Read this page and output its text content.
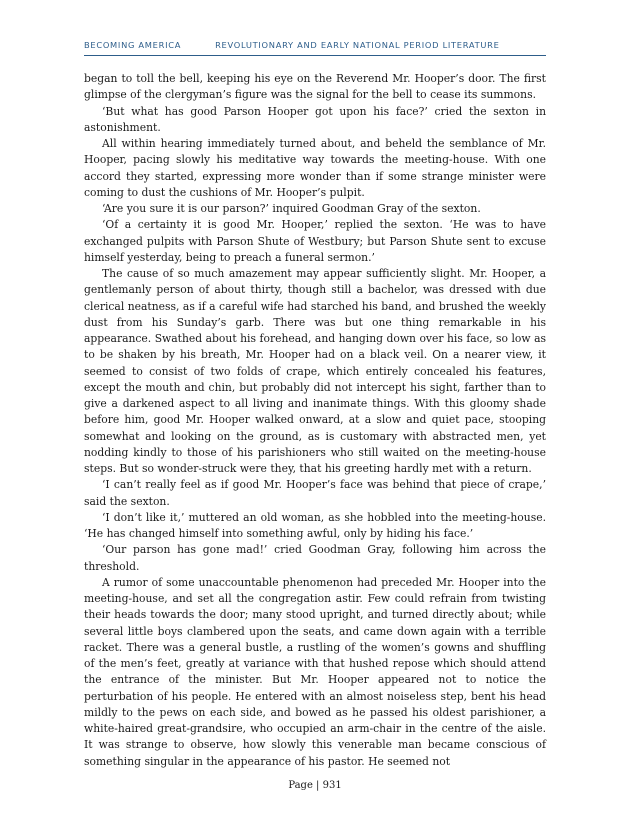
BECOMING AMERICA	REVOLUTIONARY AND EARLY NATIONAL PERIOD LITERATURE

began to toll the bell, keeping his eye on the Reverend Mr. Hooper’s door. The first glimpse of the clergyman’s figure was the signal for the bell to cease its summons.

‘But what has good Parson Hooper got upon his face?’ cried the sexton in astonishment.

All within hearing immediately turned about, and beheld the semblance of Mr. Hooper, pacing slowly his meditative way towards the meeting-house. With one accord they started, expressing more wonder than if some strange minister were coming to dust the cushions of Mr. Hooper’s pulpit.

‘Are you sure it is our parson?’ inquired Goodman Gray of the sexton.

‘Of a certainty it is good Mr. Hooper,’ replied the sexton. ‘He was to have exchanged pulpits with Parson Shute of Westbury; but Parson Shute sent to excuse himself yesterday, being to preach a funeral sermon.’

The cause of so much amazement may appear sufficiently slight. Mr. Hooper, a gentlemanly person of about thirty, though still a bachelor, was dressed with due clerical neatness, as if a careful wife had starched his band, and brushed the weekly dust from his Sunday’s garb. There was but one thing remarkable in his appearance. Swathed about his forehead, and hanging down over his face, so low as to be shaken by his breath, Mr. Hooper had on a black veil. On a nearer view, it seemed to consist of two folds of crape, which entirely concealed his features, except the mouth and chin, but probably did not intercept his sight, farther than to give a darkened aspect to all living and inanimate things. With this gloomy shade before him, good Mr. Hooper walked onward, at a slow and quiet pace, stooping somewhat and looking on the ground, as is customary with abstracted men, yet nodding kindly to those of his parishioners who still waited on the meeting-house steps. But so wonder-struck were they, that his greeting hardly met with a return.

‘I can’t really feel as if good Mr. Hooper’s face was behind that piece of crape,’ said the sexton.

‘I don’t like it,’ muttered an old woman, as she hobbled into the meeting-house. ‘He has changed himself into something awful, only by hiding his face.’

‘Our parson has gone mad!’ cried Goodman Gray, following him across the threshold.

A rumor of some unaccountable phenomenon had preceded Mr. Hooper into the meeting-house, and set all the congregation astir. Few could refrain from twisting their heads towards the door; many stood upright, and turned directly about; while several little boys clambered upon the seats, and came down again with a terrible racket. There was a general bustle, a rustling of the women’s gowns and shuffling of the men’s feet, greatly at variance with that hushed repose which should attend the entrance of the minister. But Mr. Hooper appeared not to notice the perturbation of his people. He entered with an almost noiseless step, bent his head mildly to the pews on each side, and bowed as he passed his oldest parishioner, a white-haired great-grandsire, who occupied an arm-chair in the centre of the aisle. It was strange to observe, how slowly this venerable man became conscious of something singular in the appearance of his pastor. He seemed not

Page | 931
